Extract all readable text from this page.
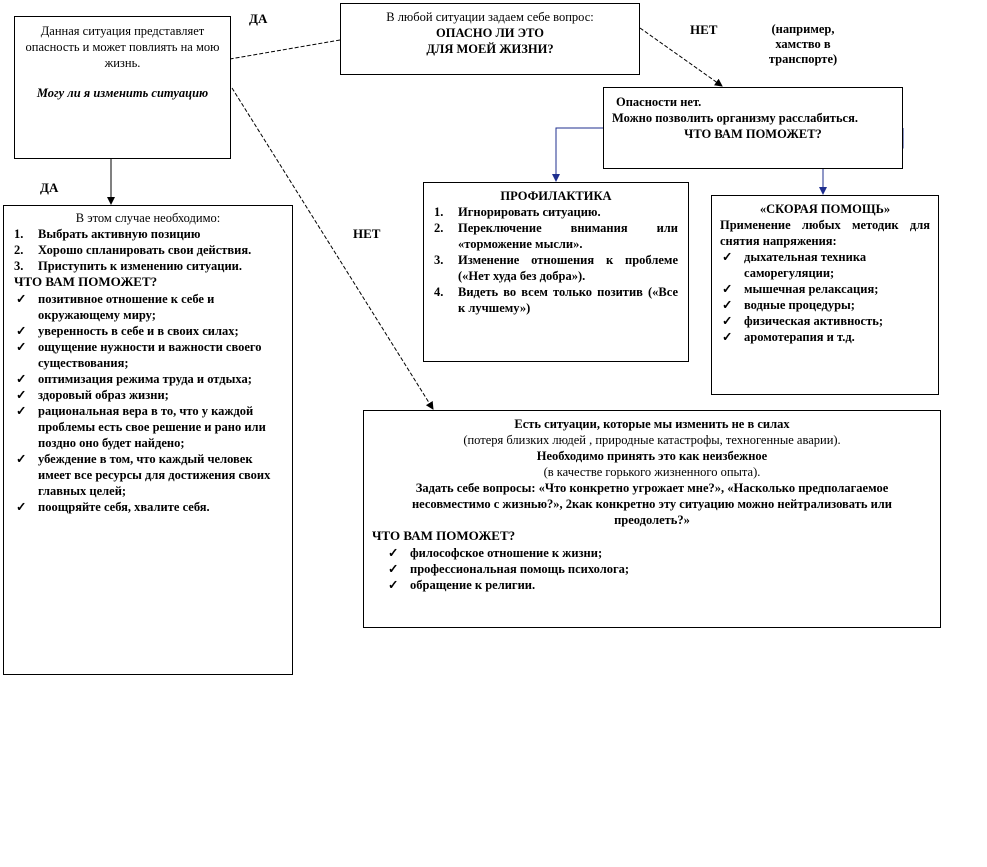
В любой ситуации задаем себе вопрос:
ОПАСНО ЛИ ЭТО
ДЛЯ МОЕЙ ЖИЗНИ?
Данная ситуация представляет опасность и может повлиять на мою жизнь.
Могу ли я изменить ситуацию
ДА
НЕТ	(например, хамство в транспорте)
ДА
НЕТ
Опасности нет.
Можно позволить организму расслабиться.
ЧТО ВАМ ПОМОЖЕТ?
ПРОФИЛАКТИКА
1. Игнорировать ситуацию.
2. Переключение внимания или «торможение мысли».
3. Изменение отношения к проблеме («Нет худа без добра»).
4. Видеть во всем только позитив («Все к лучшему»)
«СКОРАЯ ПОМОЩЬ»
Применение любых методик для снятия напряжения:
✓ дыхательная техника саморегуляции;
✓ мышечная релаксация;
✓ водные процедуры;
✓ физическая активность;
✓ аромотерапия и т.д.
В этом случае необходимо:
1. Выбрать активную позицию
2. Хорошо спланировать свои действия.
3. Приступить к изменению ситуации.
ЧТО ВАМ ПОМОЖЕТ?
✓ позитивное отношение к себе и окружающему миру;
✓ уверенность в себе и в своих силах;
✓ ощущение нужности и важности своего существования;
✓ оптимизация режима труда и отдыха;
✓ здоровый образ жизни;
✓ рациональная вера в то, что у каждой проблемы есть свое решение и рано или поздно оно будет найдено;
✓ убеждение в том, что каждый человек имеет все ресурсы для достижения своих главных целей;
✓ поощряйте себя, хвалите себя.
Есть ситуации, которые мы изменить не в силах
(потеря близких людей , природные катастрофы, техногенные аварии).
Необходимо принять это как неизбежное
(в качестве горького жизненного опыта).
Задать себе вопросы: «Что конкретно угрожает мне?», «Насколько предполагаемое несовместимо с жизнью?», 2как конкретно эту ситуацию можно нейтрализовать или преодолеть?»
ЧТО ВАМ ПОМОЖЕТ?
✓ философское отношение к жизни;
✓ профессиональная помощь психолога;
✓ обращение к религии.
